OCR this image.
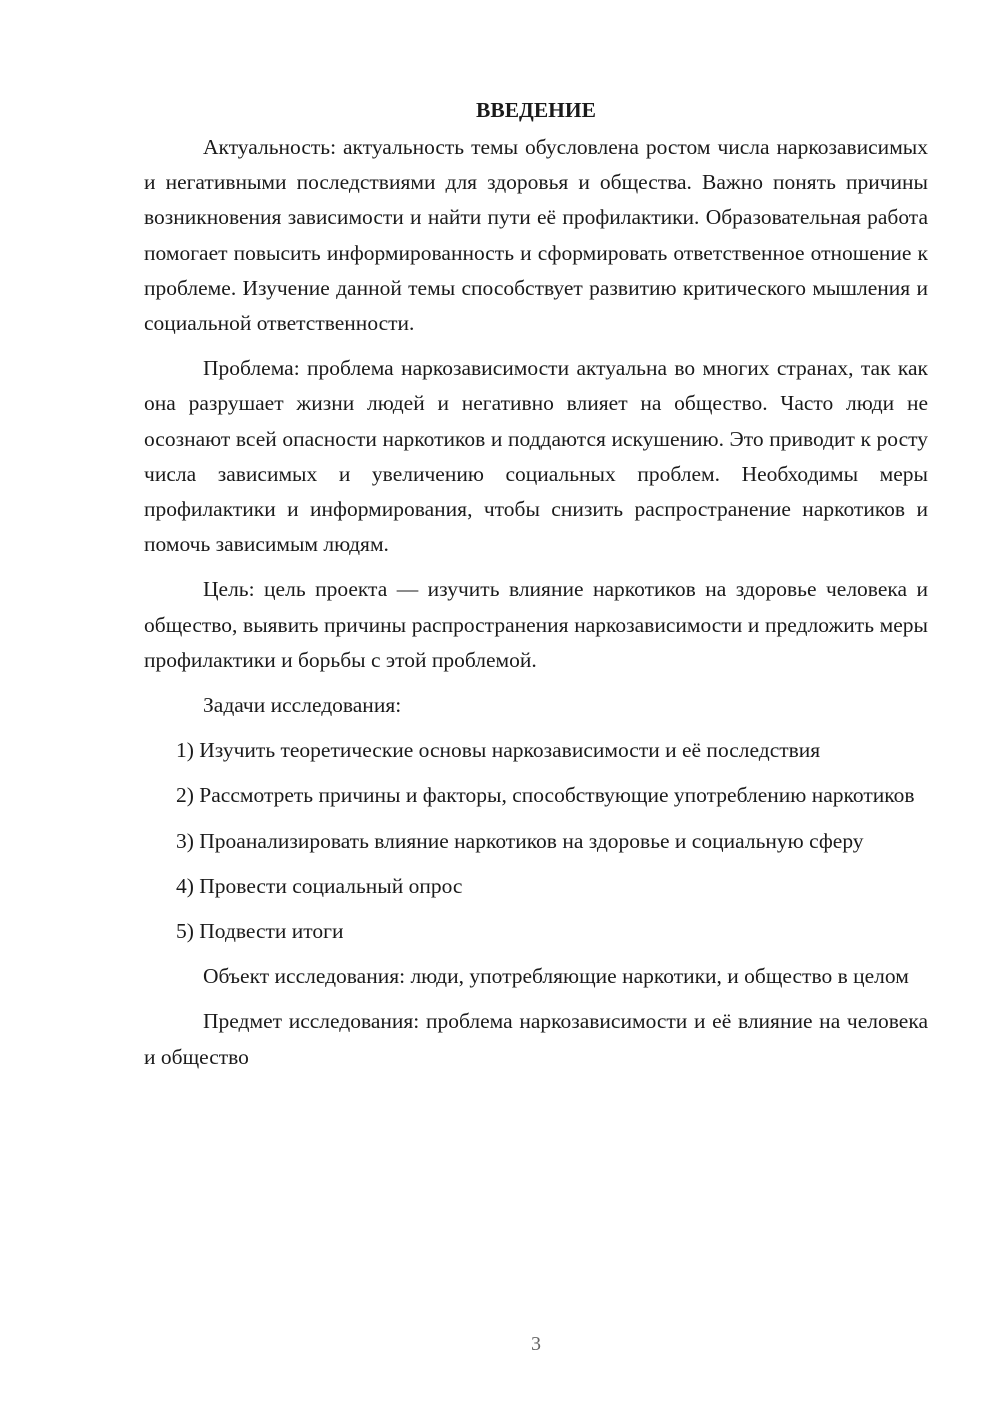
ВВЕДЕНИЕ

Актуальность: актуальность темы обусловлена ростом числа наркозависимых и негативными последствиями для здоровья и общества. Важно понять причины возникновения зависимости и найти пути её профилактики. Образовательная работа помогает повысить информированность и сформировать ответственное отношение к проблеме. Изучение данной темы способствует развитию критического мышления и социальной ответственности.

Проблема: проблема наркозависимости актуальна во многих странах, так как она разрушает жизни людей и негативно влияет на общество. Часто люди не осознают всей опасности наркотиков и поддаются искушению. Это приводит к росту числа зависимых и увеличению социальных проблем. Необходимы меры профилактики и информирования, чтобы снизить распространение наркотиков и помочь зависимым людям.

Цель: цель проекта — изучить влияние наркотиков на здоровье человека и общество, выявить причины распространения наркозависимости и предложить меры профилактики и борьбы с этой проблемой.

Задачи исследования:

1) Изучить теоретические основы наркозависимости и её последствия

2) Рассмотреть причины и факторы, способствующие употреблению наркотиков

3) Проанализировать влияние наркотиков на здоровье и социальную сферу

4) Провести социальный опрос

5) Подвести итоги

Объект исследования: люди, употребляющие наркотики, и общество в целом

Предмет исследования: проблема наркозависимости и её влияние на человека и общество

3
